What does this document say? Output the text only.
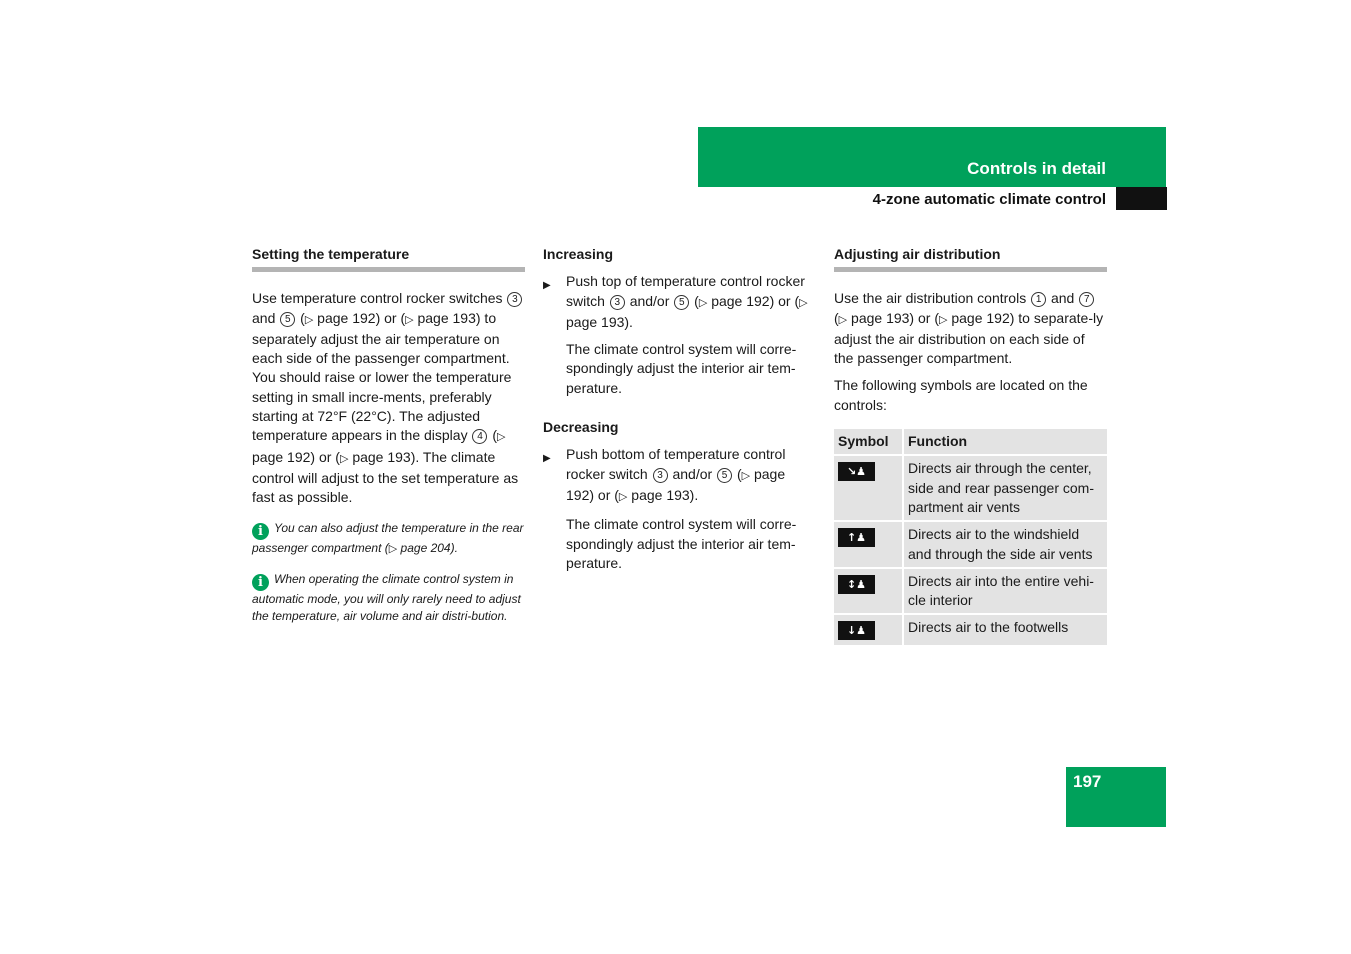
Controls in detail
4-zone automatic climate control
Setting the temperature

Use temperature control rocker switches 3 and 5 (▷ page 192) or (▷ page 193) to separately adjust the air temperature on each side of the passenger compartment. You should raise or lower the temperature setting in small incre-ments, preferably starting at 72°F (22°C). The adjusted temperature appears in the display 4 (▷ page 192) or (▷ page 193). The climate control will adjust to the set temperature as fast as possible.

i You can also adjust the temperature in the rear passenger compartment (▷ page 204).
i When operating the climate control system in automatic mode, you will only rarely need to adjust the temperature, air volume and air distri-bution.
Increasing

▶ Push top of temperature control rocker switch 3 and/or 5 (▷ page 192) or (▷ page 193).

The climate control system will corre-spondingly adjust the interior air tem-perature.

Decreasing

▶ Push bottom of temperature control rocker switch 3 and/or 5 (▷ page 192) or (▷ page 193).

The climate control system will corre-spondingly adjust the interior air tem-perature.

Adjusting air distribution

Use the air distribution controls 1 and 7 (▷ page 193) or (▷ page 192) to separate-ly adjust the air distribution on each side of the passenger compartment.

The following symbols are located on the controls:

Symbol	Function
↘♟	Directs air through the center, side and rear passenger com-partment air vents
↑♟	Directs air to the windshield and through the side air vents
↕♟	Directs air into the entire vehi-cle interior
↓♟	Directs air to the footwells
197
